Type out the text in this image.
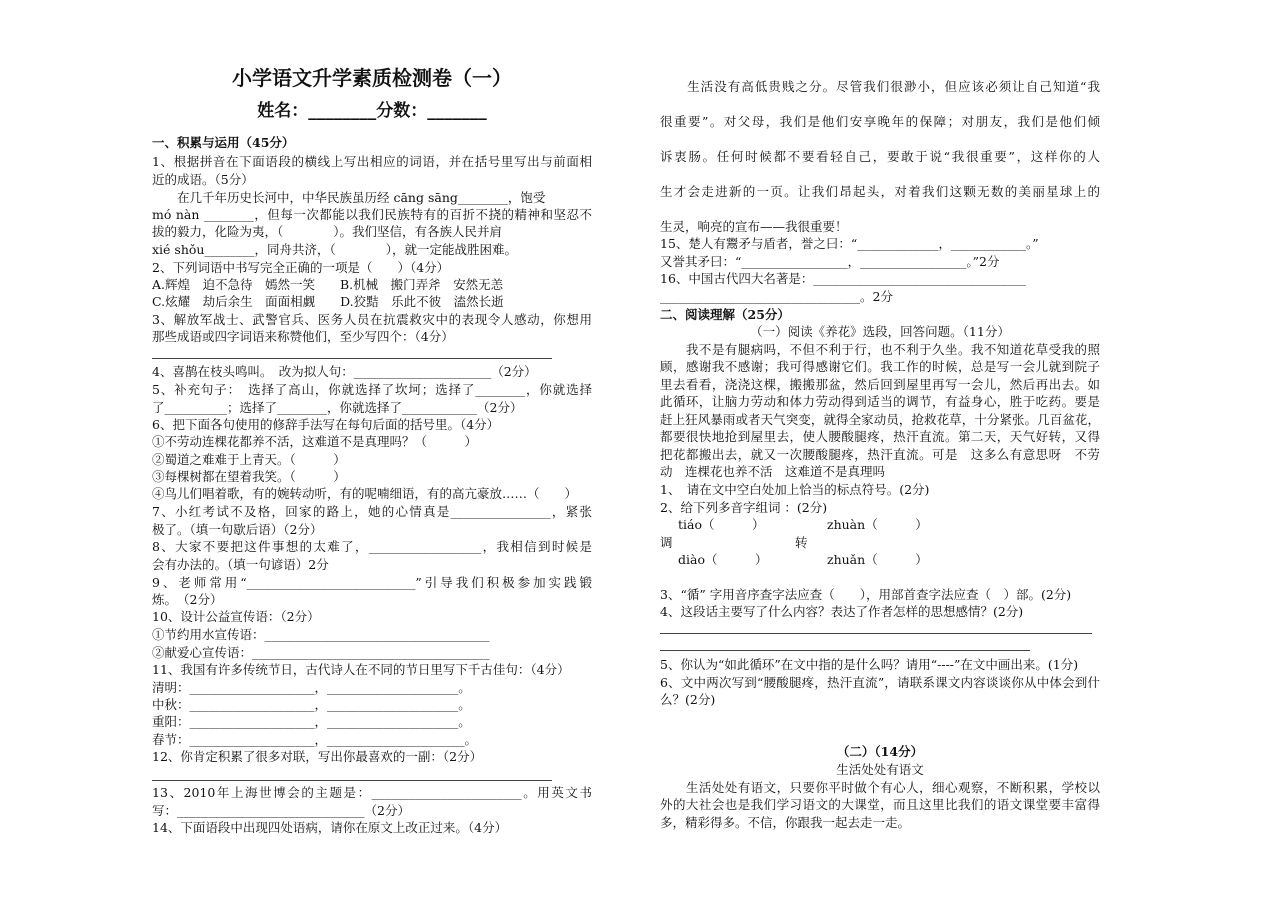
小学语文升学素质检测卷（一）
姓名：________分数：_______
一、积累与运用（45分）
1、根据拼音在下面语段的横线上写出相应的词语，并在括号里写出与前面相
近的成语。（5分）
　　在几千年历史长河中，中华民族虽历经 cāng sāng________，饱受
mó nàn ________，但每一次都能以我们民族特有的百折不挠的精神和坚忍不
拔的毅力，化险为夷，（　　　　）。我们坚信，有各族人民并肩
xié shǒu________，同舟共济，（　　　　），就一定能战胜困难。
2、下列词语中书写完全正确的一项是（　　）（4分）
A.辉煌　迫不急待　嫣然一笑　　B.机械　搬门弄斧　安然无恙
C.炫耀　劫后余生　面面相觑　　D.狡黠　乐此不彼　溘然长逝
3、解放军战士、武警官兵、医务人员在抗震救灾中的表现令人感动，你想用
那些成语或四字词语来称赞他们，至少写四个：（4分）
4、喜鹊在枝头鸣叫。　改为拟人句：______________________（2分）
5、补充句子：　选择了高山，你就选择了坎坷；选择了________，你就选择
了__________；选择了________，你就选择了____________（2分）
6、把下面各句使用的修辞手法写在每句后面的括号里。（4分）
①不劳动连棵花都养不活，这难道不是真理吗？（　　　）
②蜀道之难难于上青天。（　　　）
③每棵树都在望着我笑。（　　　）
④鸟儿们唱着歌，有的婉转动听，有的呢喃细语，有的高亢豪放……（　　）
7、小红考试不及格，回家的路上，她的心情真是________________，紧张
极了。（填一句歇后语）（2分）
8、大家不要把这件事想的太难了，__________________，我相信到时候是
会有办法的。（填一句谚语）2分
9、老师常用“___________________________”引导我们积极参加实践锻
炼。　（2分）
10、设计公益宣传语：（2分）
①节约用水宣传语：____________________________________
②献爱心宣传语：______________________________________
11、我国有许多传统节日，古代诗人在不同的节日里写下千古佳句：（4分）
清明：____________________，_____________________。
中秋：____________________，_____________________。
重阳：____________________，_____________________。
春节：____________________，______________________。
12、你肯定积累了很多对联，写出你最喜欢的一副：（2分）
13、2010年上海世博会的主题是：________________________。用英文书
写：______________________________（2分）
14、下面语段中出现四处语病，请你在原文上改正过来。（4分）
　　生活没有高低贵贱之分。尽管我们很渺小，但应该必须让自己知道“我
很重要”。对父母，我们是他们安享晚年的保障；对朋友，我们是他们倾
诉衷肠。任何时候都不要看轻自己，要敢于说“我很重要”，这样你的人
生才会走进新的一页。让我们昂起头，对着我们这颗无数的美丽星球上的
生灵，响亮的宣布——我很重要！
15、楚人有鬻矛与盾者，誉之曰：“_____________，____________。”
又誉其矛曰：“_________________，_________________。”2分
16、中国古代四大名著是：__________________________________
________________________________。2分
二、阅读理解（25分）
（一）阅读《养花》选段，回答问题。（11分）
　　我不是有腿病吗，不但不利于行，也不利于久坐。我不知道花草受我的照
顾，感谢我不感谢；我可得感谢它们。我工作的时候，总是写一会儿就到院子
里去看看，浇浇这棵，搬搬那盆，然后回到屋里再写一会儿，然后再出去。如
此循环，让脑力劳动和体力劳动得到适当的调节，有益身心，胜于吃药。要是
赶上狂风暴雨或者天气突变，就得全家动员，抢救花草，十分紧张。几百盆花，
都要很快地抢到屋里去，使人腰酸腿疼，热汗直流。第二天，天气好转，又得
把花都搬出去，就又一次腰酸腿疼，热汗直流。可是　这多么有意思呀　不劳
动　连棵花也养不活　这难道不是真理吗
1、　请在文中空白处加上恰当的标点符号。(2分)
2、给下列多音字组词 ：(2分)
3、“循” 字用音序查字法应查（　　），用部首查字法应查（　）部。(2分)
4、这段话主要写了什么内容？表达了作者怎样的思想感情？(2分)
5、你认为“如此循环”在文中指的是什么吗？请用“----”在文中画出来。(1分)
6、文中两次写到“腰酸腿疼，热汗直流”，请联系课文内容谈谈你从中体会到什
么？(2分)
（二）（14分）
生活处处有语文
　　生活处处有语文，只要你平时做个有心人，细心观察，不断积累，学校以
外的大社会也是我们学习语文的大课堂，而且这里比我们的语文课堂要丰富得
多，精彩得多。不信，你跟我一起去走一走。
tiáo（　　　）	zhuàn（　　　）
调	转
diào（　　　）	zhuǎn（　　　）
